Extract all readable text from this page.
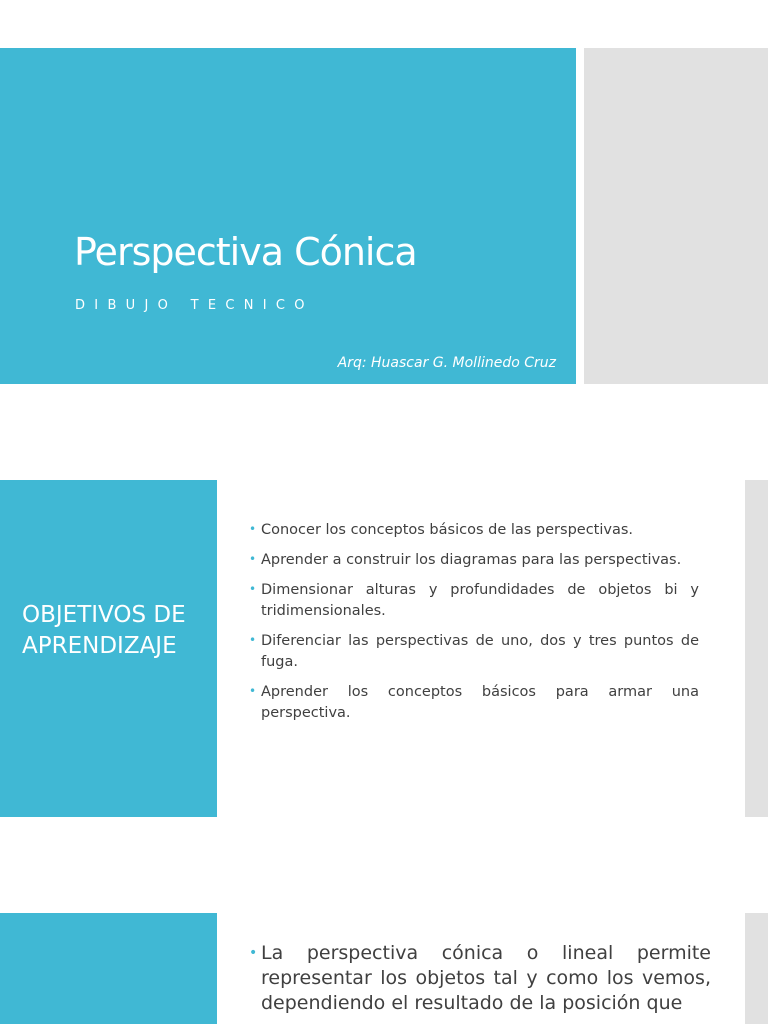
Perspectiva Cónica
DIBUJO TECNICO
Arq: Huascar G. Mollinedo Cruz
OBJETIVOS DE APRENDIZAJE
• Conocer los conceptos básicos de las perspectivas.
• Aprender a construir los diagramas para las perspectivas.
• Dimensionar alturas y profundidades de objetos bi y tridimensionales.
• Diferenciar las perspectivas de uno, dos y tres puntos de fuga.
• Aprender los conceptos básicos para armar una perspectiva.

• La perspectiva cónica o lineal permite representar los objetos tal y como los vemos, dependiendo el resultado de la posición que
